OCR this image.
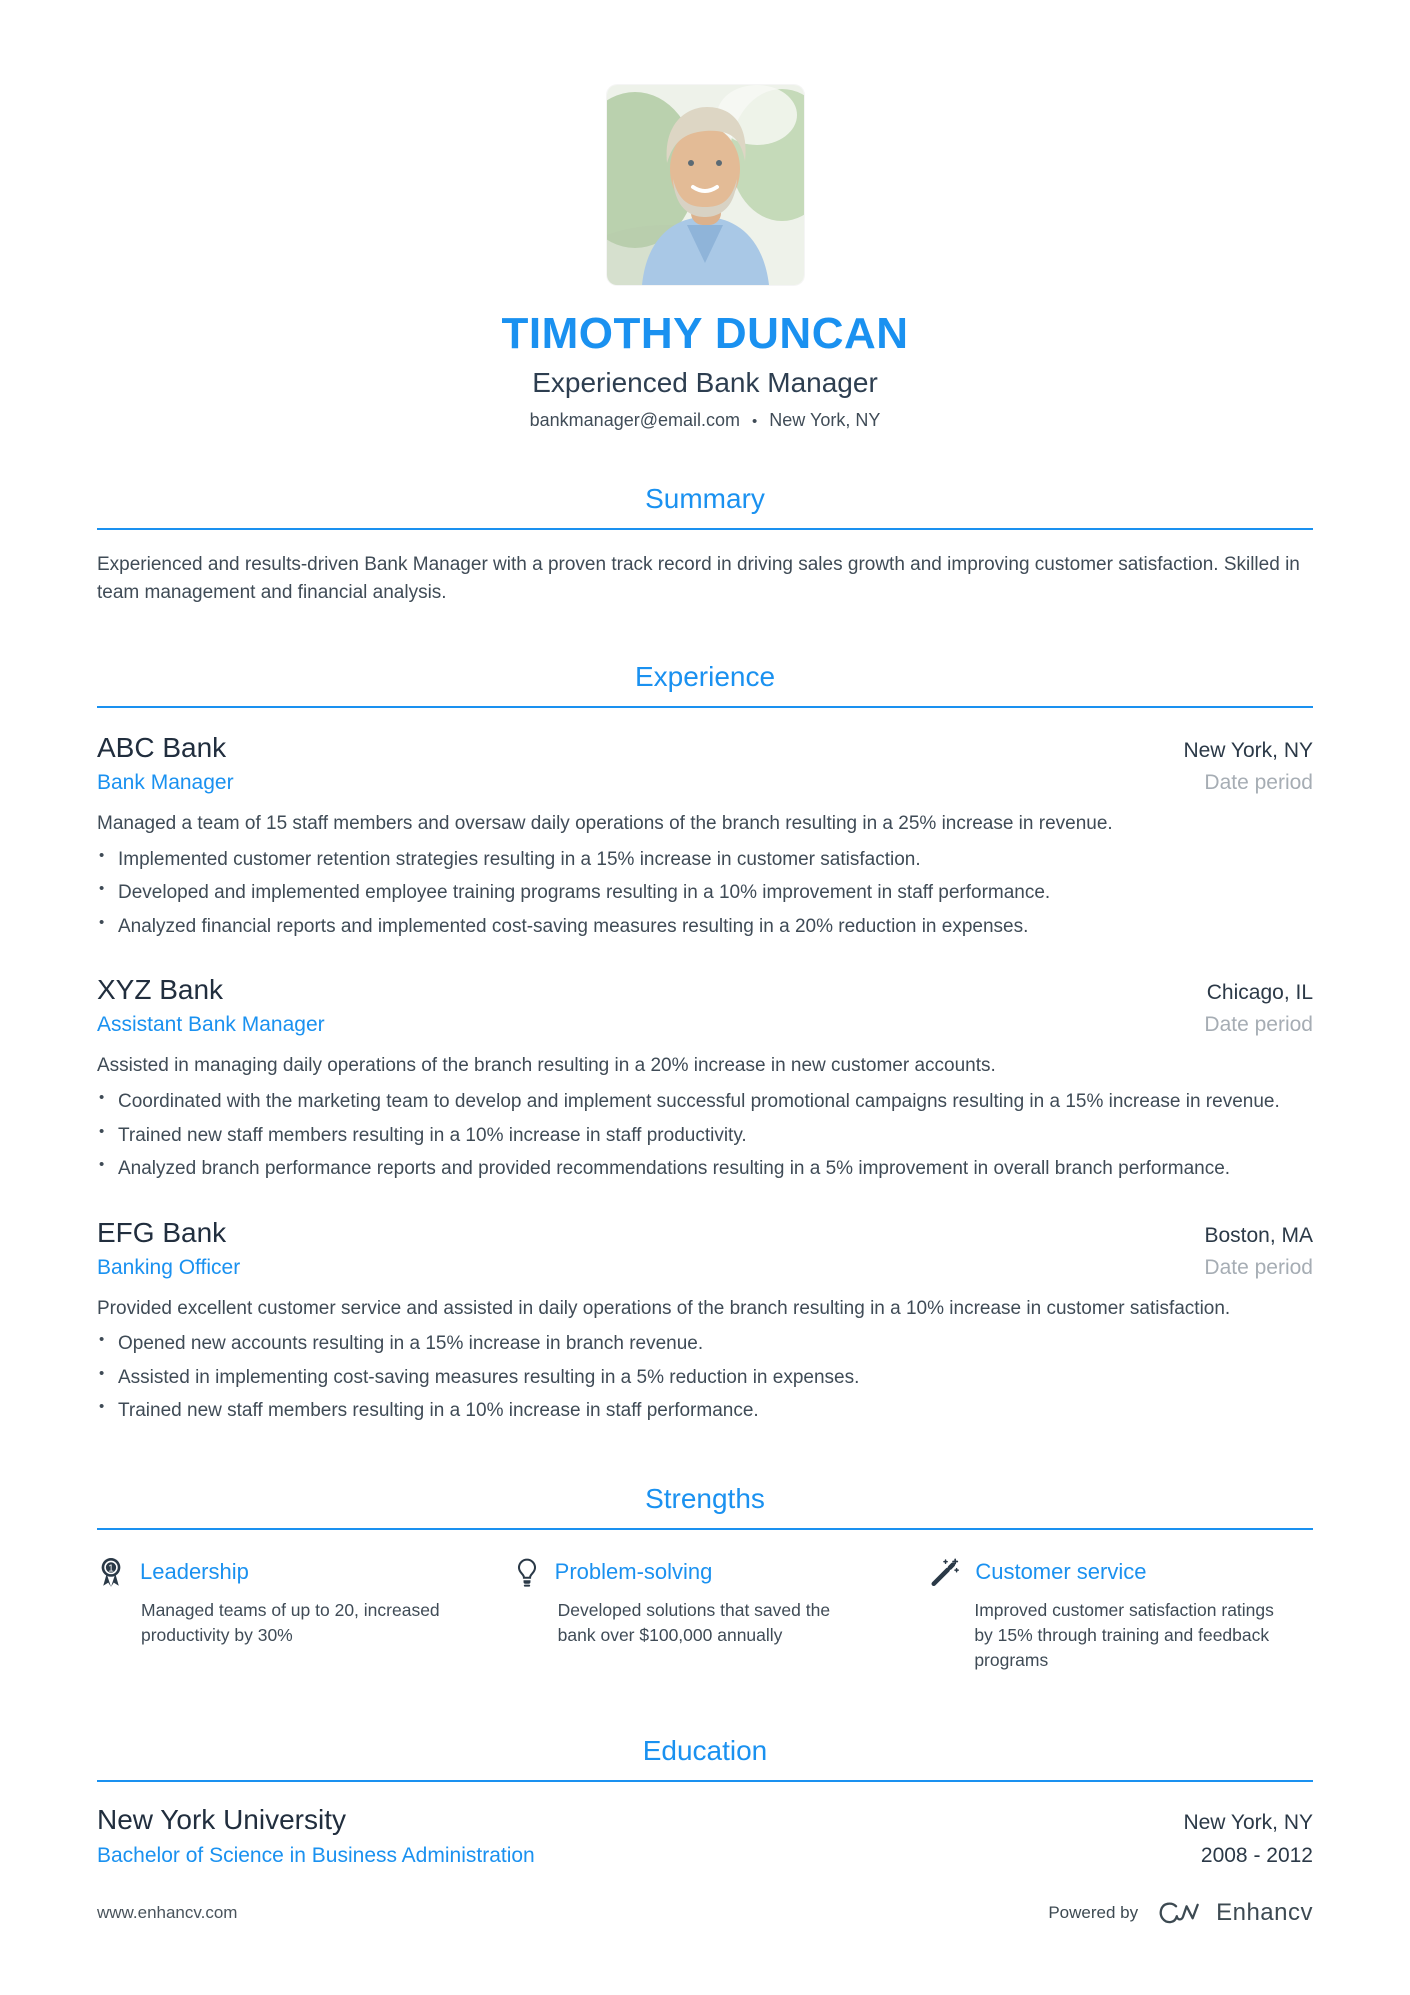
TIMOTHY DUNCAN
Experienced Bank Manager
bankmanager@email.com • New York, NY
Summary

Experienced and results-driven Bank Manager with a proven track record in driving sales growth and improving customer satisfaction. Skilled in team management and financial analysis.

Experience
ABC Bank	New York, NY
Bank Manager	Date period

Managed a team of 15 staff members and oversaw daily operations of the branch resulting in a 25% increase in revenue.

• Implemented customer retention strategies resulting in a 15% increase in customer satisfaction.
• Developed and implemented employee training programs resulting in a 10% improvement in staff performance.
• Analyzed financial reports and implemented cost-saving measures resulting in a 20% reduction in expenses.
XYZ Bank	Chicago, IL
Assistant Bank Manager	Date period

Assisted in managing daily operations of the branch resulting in a 20% increase in new customer accounts.

• Coordinated with the marketing team to develop and implement successful promotional campaigns resulting in a 15% increase in revenue.
• Trained new staff members resulting in a 10% increase in staff productivity.
• Analyzed branch performance reports and provided recommendations resulting in a 5% improvement in overall branch performance.
EFG Bank	Boston, MA
Banking Officer	Date period

Provided excellent customer service and assisted in daily operations of the branch resulting in a 10% increase in customer satisfaction.

• Opened new accounts resulting in a 15% increase in branch revenue.
• Assisted in implementing cost-saving measures resulting in a 5% reduction in expenses.
• Trained new staff members resulting in a 10% increase in staff performance.
Strengths
1 Leadership
Managed teams of up to 20, increased productivity by 30%
Problem-solving
Developed solutions that saved the bank over $100,000 annually
Customer service
Improved customer satisfaction ratings by 15% through training and feedback programs
Education
New York University	New York, NY
Bachelor of Science in Business Administration	2008 - 2012
www.enhancv.com	Powered by	Enhancv
